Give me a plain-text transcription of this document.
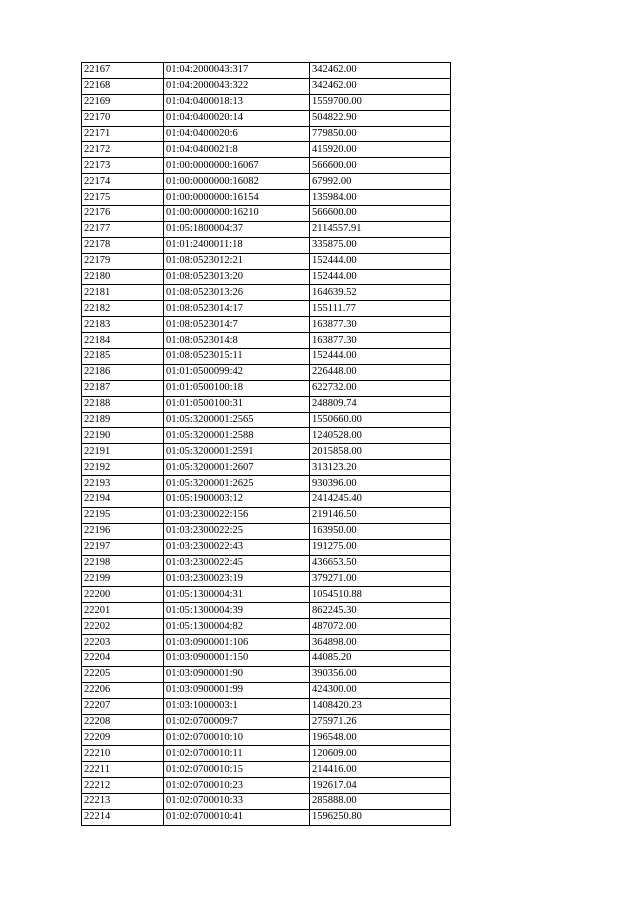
22167	01:04:2000043:317	342462.00
22168	01:04:2000043:322	342462.00
22169	01:04:0400018:13	1559700.00
22170	01:04:0400020:14	504822.90
22171	01:04:0400020:6	779850.00
22172	01:04:0400021:8	415920.00
22173	01:00:0000000:16067	566600.00
22174	01:00:0000000:16082	67992.00
22175	01:00:0000000:16154	135984.00
22176	01:00:0000000:16210	566600.00
22177	01:05:1800004:37	2114557.91
22178	01:01:2400011:18	335875.00
22179	01:08:0523012:21	152444.00
22180	01:08:0523013:20	152444.00
22181	01:08:0523013:26	164639.52
22182	01:08:0523014:17	155111.77
22183	01:08:0523014:7	163877.30
22184	01:08:0523014:8	163877.30
22185	01:08:0523015:11	152444.00
22186	01:01:0500099:42	226448.00
22187	01:01:0500100:18	622732.00
22188	01:01:0500100:31	248809.74
22189	01:05:3200001:2565	1550660.00
22190	01:05:3200001:2588	1240528.00
22191	01:05:3200001:2591	2015858.00
22192	01:05:3200001:2607	313123.20
22193	01:05:3200001:2625	930396.00
22194	01:05:1900003:12	2414245.40
22195	01:03:2300022:156	219146.50
22196	01:03:2300022:25	163950.00
22197	01:03:2300022:43	191275.00
22198	01:03:2300022:45	436653.50
22199	01:03:2300023:19	379271.00
22200	01:05:1300004:31	1054510.88
22201	01:05:1300004:39	862245.30
22202	01:05:1300004:82	487072.00
22203	01:03:0900001:106	364898.00
22204	01:03:0900001:150	44085.20
22205	01:03:0900001:90	390356.00
22206	01:03:0900001:99	424300.00
22207	01:03:1000003:1	1408420.23
22208	01:02:0700009:7	275971.26
22209	01:02:0700010:10	196548.00
22210	01:02:0700010:11	120609.00
22211	01:02:0700010:15	214416.00
22212	01:02:0700010:23	192617.04
22213	01:02:0700010:33	285888.00
22214	01:02:0700010:41	1596250.80
